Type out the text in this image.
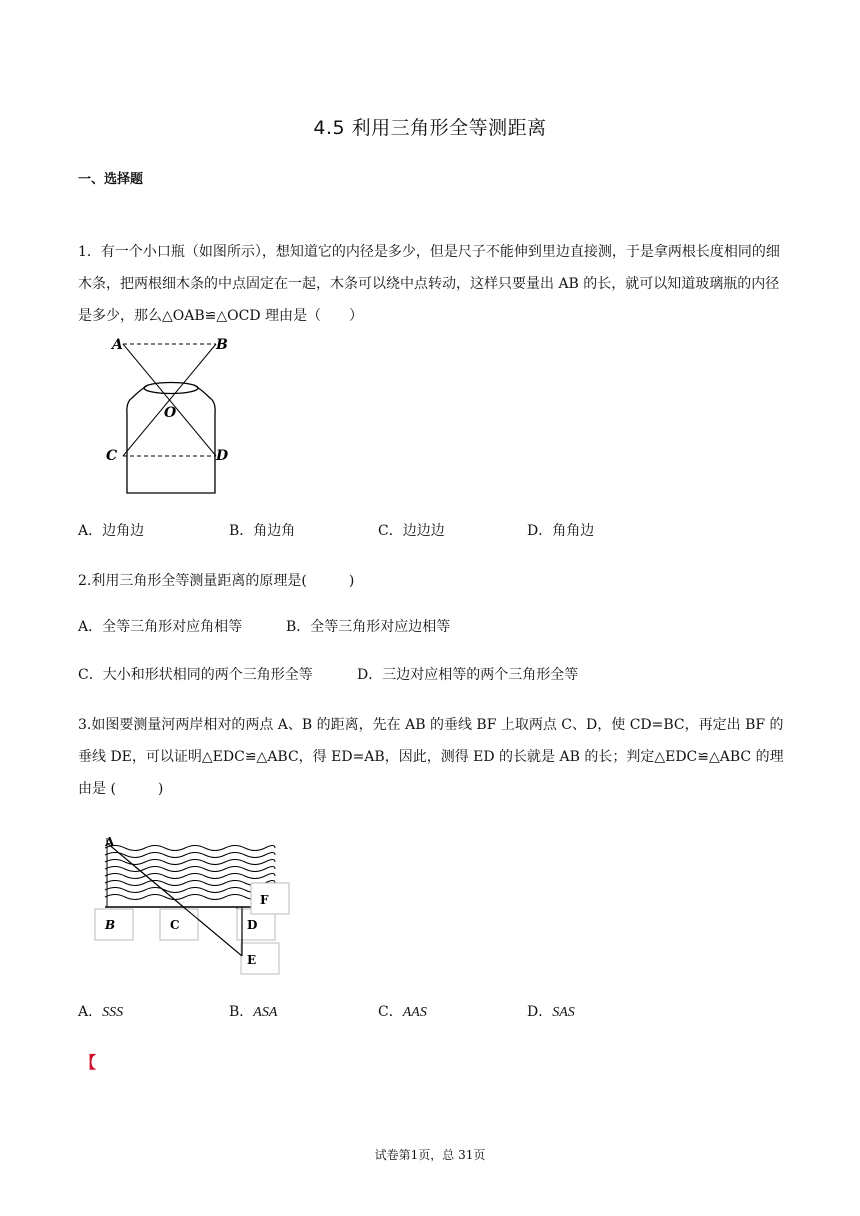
4.5 利用三角形全等测距离
一、选择题
1．有一个小口瓶（如图所示），想知道它的内径是多少，但是尺子不能伸到里边直接测，于是拿两根长度相同的细木条，把两根细木条的中点固定在一起，木条可以绕中点转动，这样只要量出 AB 的长，就可以知道玻璃瓶的内径是多少，那么△OAB≌△OCD 理由是（　　）
A	B
O
C	D
A．边角边	B．角边角	C．边边边	D．角角边
2.利用三角形全等测量距离的原理是(　　　)
A．全等三角形对应角相等	B．全等三角形对应边相等
C．大小和形状相同的两个三角形全等	D．三边对应相等的两个三角形全等
3.如图要测量河两岸相对的两点 A、B 的距离，先在 AB 的垂线 BF 上取两点 C、D，使 CD=BC，再定出 BF 的垂线 DE，可以证明△EDC≌△ABC，得 ED=AB，因此，测得 ED 的长就是 AB 的长；判定△EDC≌△ABC 的理由是 (　　　)
A
B	C	D
F
E
A．SSS	B．ASA	C．AAS	D．SAS
【
试卷第1页，总 31页
